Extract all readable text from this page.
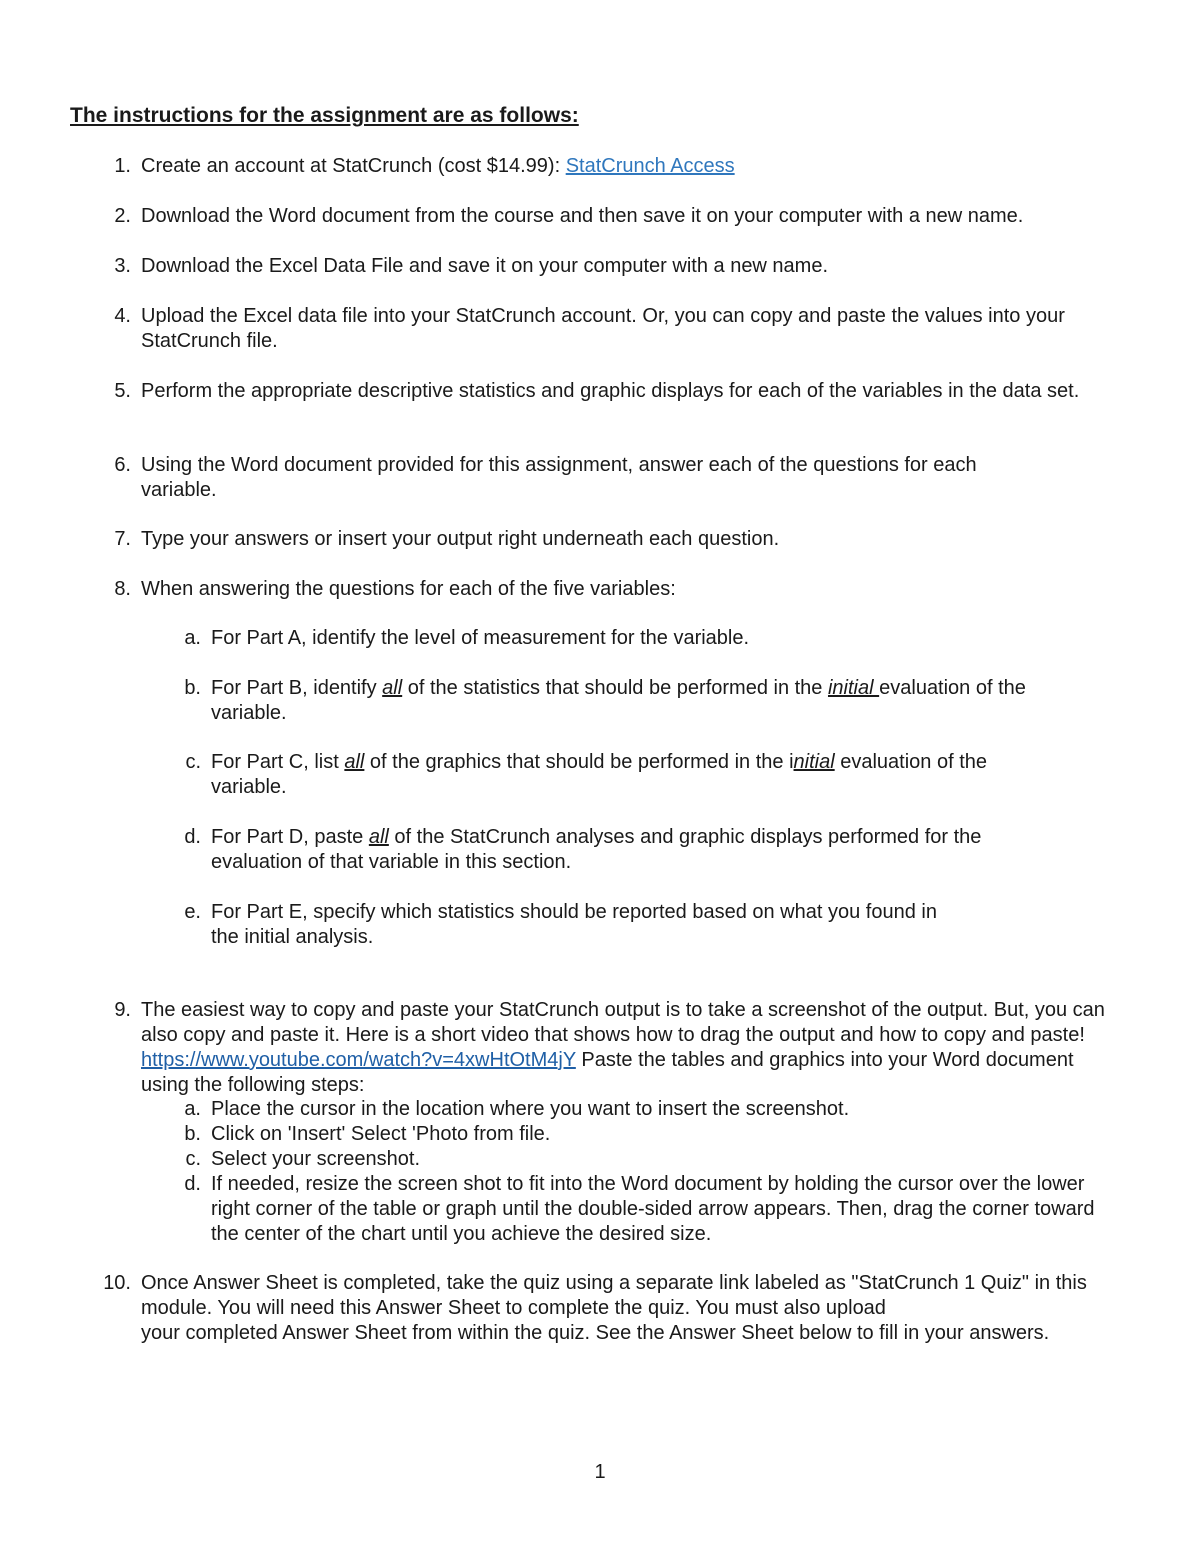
The instructions for the assignment are as follows:
1. Create an account at StatCrunch (cost $14.99): StatCrunch Access
2. Download the Word document from the course and then save it on your computer with a new name.
3. Download the Excel Data File and save it on your computer with a new name.
4. Upload the Excel data file into your StatCrunch account. Or, you can copy and paste the values into your StatCrunch file.
5. Perform the appropriate descriptive statistics and graphic displays for each of the variables in the data set.
6. Using the Word document provided for this assignment, answer each of the questions for each variable.
7. Type your answers or insert your output right underneath each question.
8. When answering the questions for each of the five variables:
a. For Part A, identify the level of measurement for the variable.
b. For Part B, identify all of the statistics that should be performed in the initial evaluation of the variable.
c. For Part C, list all of the graphics that should be performed in the initial evaluation of the variable.
d. For Part D, paste all of the StatCrunch analyses and graphic displays performed for the evaluation of that variable in this section.
e. For Part E, specify which statistics should be reported based on what you found in
the initial analysis.
9. The easiest way to copy and paste your StatCrunch output is to take a screenshot of the output. But, you can also copy and paste it. Here is a short video that shows how to drag the output and how to copy and paste! https://www.youtube.com/watch?v=4xwHtOtM4jY Paste the tables and graphics into your Word document using the following steps:
a. Place the cursor in the location where you want to insert the screenshot.
b. Click on 'Insert' Select 'Photo from file.
c. Select your screenshot.
d. If needed, resize the screen shot to fit into the Word document by holding the cursor over the lower right corner of the table or graph until the double-sided arrow appears. Then, drag the corner toward the center of the chart until you achieve the desired size.
10. Once Answer Sheet is completed, take the quiz using a separate link labeled as "StatCrunch 1 Quiz" in this module. You will need this Answer Sheet to complete the quiz. You must also upload
your completed Answer Sheet from within the quiz. See the Answer Sheet below to fill in your answers.
1
